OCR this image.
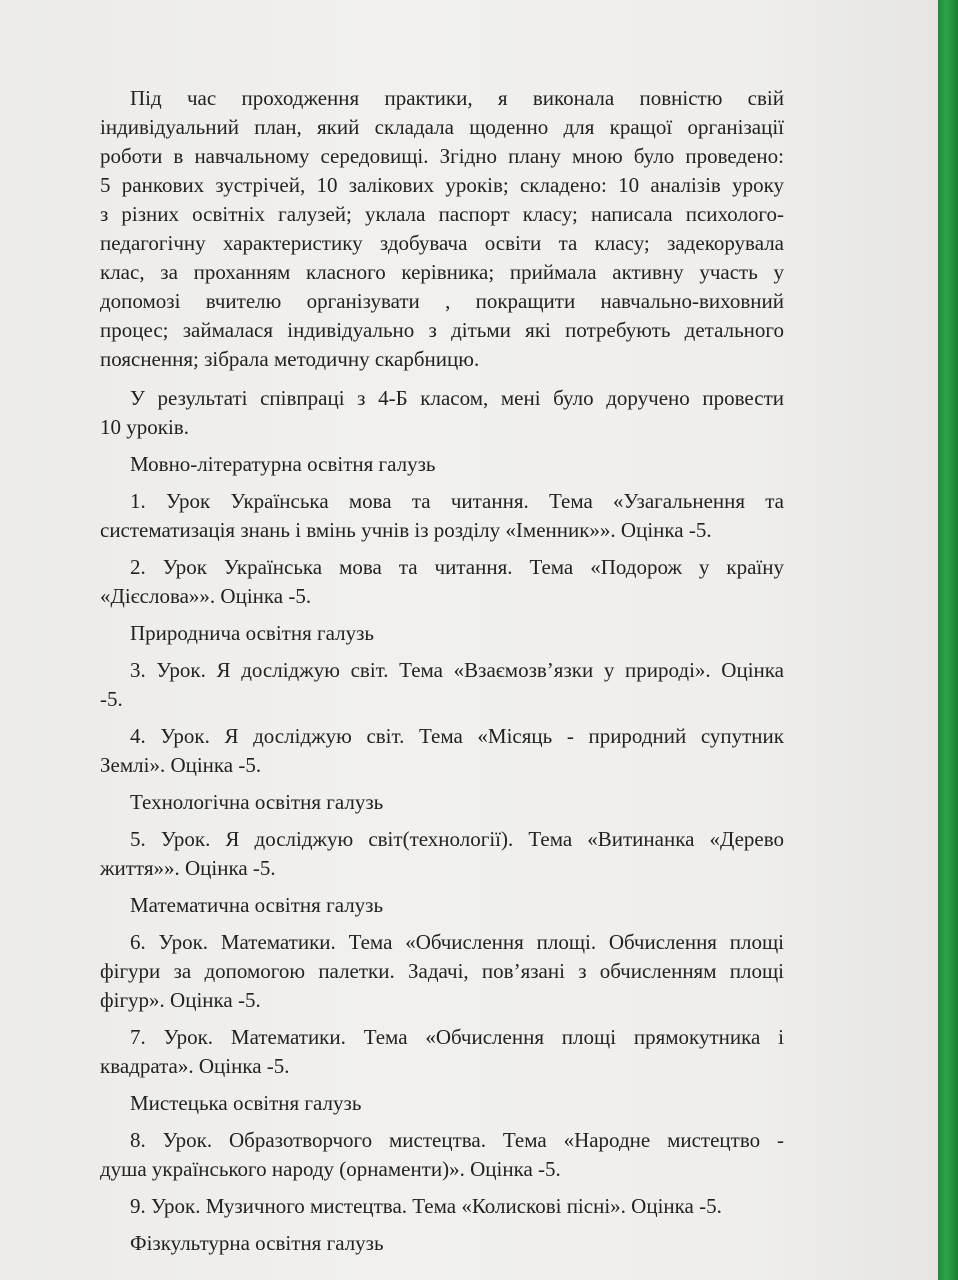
Під час проходження практики, я виконала повністю свій
індивідуальний план, який складала щоденно для кращої організації
роботи в навчальному середовищі. Згідно плану мною було проведено:
5 ранкових зустрічей, 10 залікових уроків; складено: 10 аналізів уроку
з різних освітніх галузей; уклала паспорт класу; написала психолого-
педагогічну характеристику здобувача освіти та класу; задекорувала
клас, за проханням класного керівника; приймала активну участь у
допомозі вчителю організувати , покращити навчально-виховний
процес; займалася індивідуально з дітьми які потребують детального
пояснення; зібрала методичну скарбницю.
У результаті співпраці з 4-Б класом, мені було доручено провести
10 уроків.
Мовно-літературна освітня галузь
1. Урок Українська мова та читання. Тема «Узагальнення та
систематизація знань і вмінь учнів із розділу «Іменник»». Оцінка -5.
2. Урок Українська мова та читання. Тема «Подорож у країну
«Дієслова»». Оцінка -5.
Природнича освітня галузь
3. Урок. Я досліджую світ. Тема «Взаємозв’язки у природі». Оцінка
-5.
4. Урок. Я досліджую світ. Тема «Місяць - природний супутник
Землі». Оцінка -5.
Технологічна освітня галузь
5. Урок. Я досліджую світ(технології). Тема «Витинанка «Дерево
життя»». Оцінка -5.
Математична освітня галузь
6. Урок. Математики. Тема «Обчислення площі. Обчислення площі
фігури за допомогою палетки. Задачі, пов’язані з обчисленням площі
фігур». Оцінка -5.
7. Урок. Математики. Тема «Обчислення площі прямокутника і
квадрата». Оцінка -5.
Мистецька освітня галузь
8. Урок. Образотворчого мистецтва. Тема «Народне мистецтво -
душа українського народу (орнаменти)». Оцінка -5.
9. Урок. Музичного мистецтва. Тема «Колискові пісні». Оцінка -5.
Фізкультурна освітня галузь
